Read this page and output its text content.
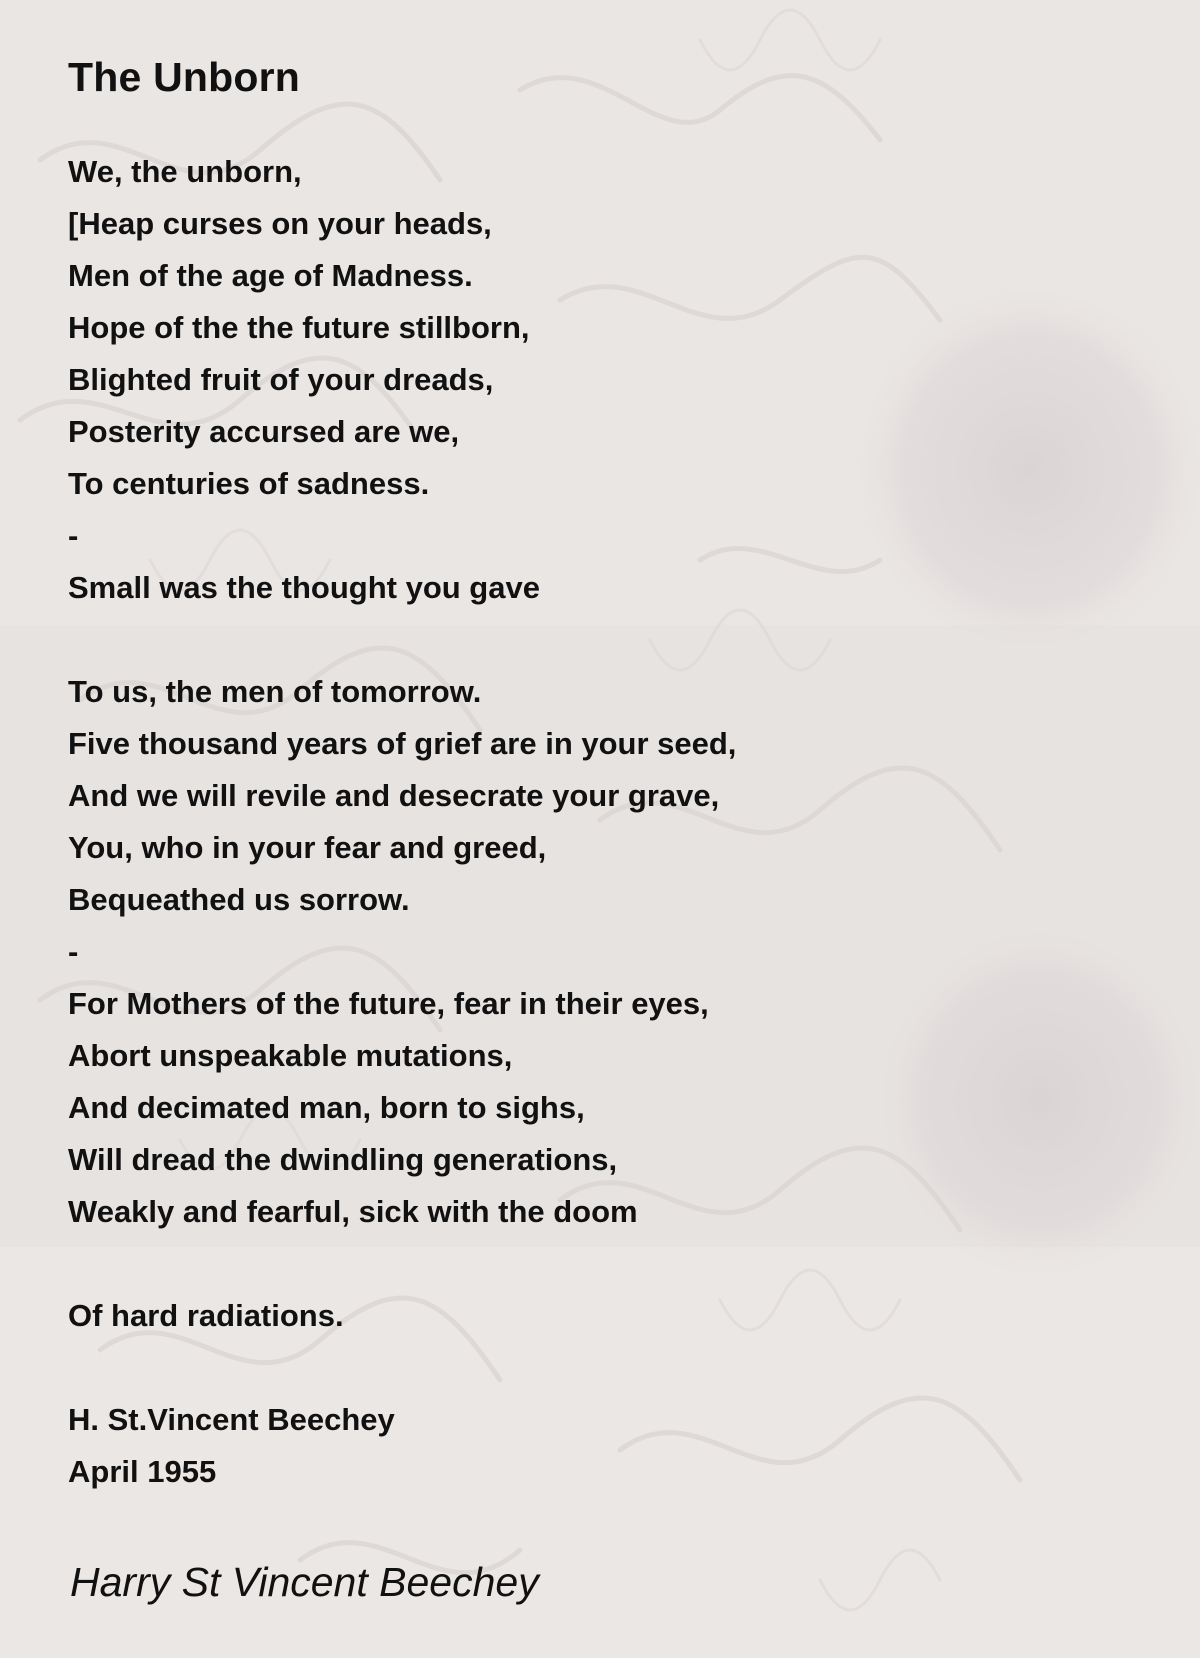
The Unborn
We, the unborn,
[Heap curses on your heads,
Men of the age of Madness.
Hope of the the future stillborn,
Blighted fruit of your dreads,
Posterity accursed are we,
To centuries of sadness.
-
Small was the thought you gave
To us, the men of tomorrow.
Five thousand years of grief are in your seed,
And we will revile and desecrate your grave,
You, who in your fear and greed,
Bequeathed us sorrow.
-
For Mothers of the future, fear in their eyes,
Abort unspeakable mutations,
And decimated man, born to sighs,
Will dread the dwindling generations,
Weakly and fearful, sick with the doom
Of hard radiations.
H. St.Vincent Beechey
April 1955
Harry St Vincent Beechey
